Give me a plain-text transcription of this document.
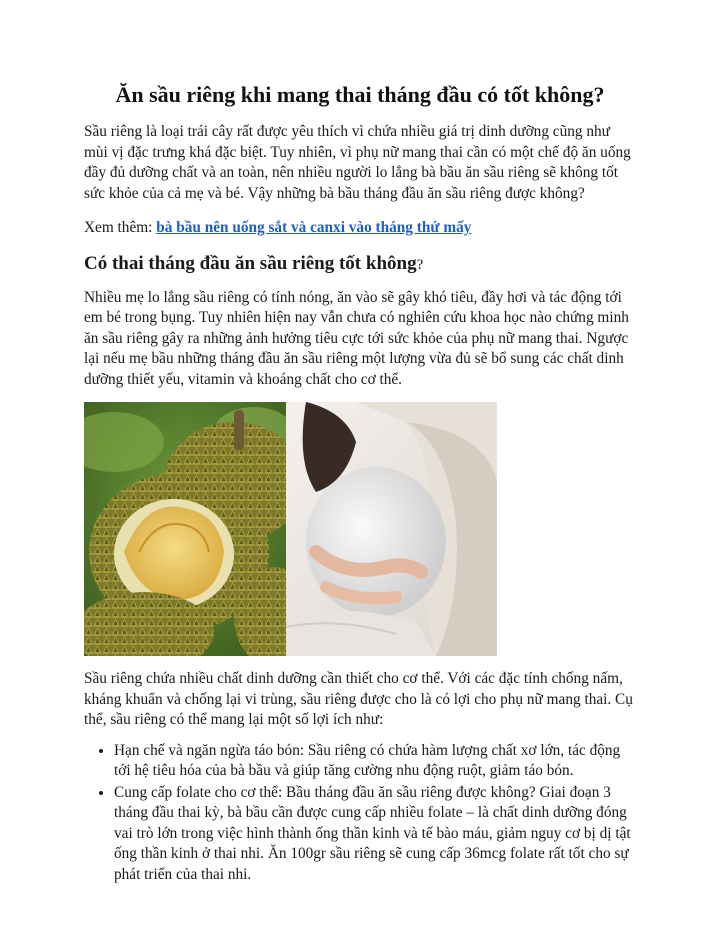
Ăn sầu riêng khi mang thai tháng đầu có tốt không?

Sầu riêng là loại trái cây rất được yêu thích vì chứa nhiều giá trị dinh dưỡng cũng như mùi vị đặc trưng khá đặc biệt. Tuy nhiên, vì phụ nữ mang thai cần có một chế độ ăn uống đầy đủ dưỡng chất và an toàn, nên nhiều người lo lắng bà bầu ăn sầu riêng sẽ không tốt sức khỏe của cả mẹ và bé. Vậy những bà bầu tháng đầu ăn sầu riêng được không?

Xem thêm: bà bầu nên uống sắt và canxi vào tháng thứ mấy

Có thai tháng đầu ăn sầu riêng tốt không?

Nhiều mẹ lo lắng sầu riêng có tính nóng, ăn vào sẽ gây khó tiêu, đầy hơi và tác động tới em bé trong bụng. Tuy nhiên hiện nay vẫn chưa có nghiên cứu khoa học nào chứng minh ăn sầu riêng gây ra những ảnh hưởng tiêu cực tới sức khỏe của phụ nữ mang thai. Ngược lại nếu mẹ bầu những tháng đầu ăn sầu riêng một lượng vừa đủ sẽ bổ sung các chất dinh dưỡng thiết yếu, vitamin và khoáng chất cho cơ thể.

Sầu riêng chứa nhiều chất dinh dưỡng cần thiết cho cơ thể. Với các đặc tính chống nấm, kháng khuẩn và chống lại vi trùng, sầu riêng được cho là có lợi cho phụ nữ mang thai. Cụ thể, sầu riêng có thể mang lại một số lợi ích như:

• Hạn chế và ngăn ngừa táo bón: Sầu riêng có chứa hàm lượng chất xơ lớn, tác động tới hệ tiêu hóa của bà bầu và giúp tăng cường nhu động ruột, giảm táo bón.
• Cung cấp folate cho cơ thể: Bầu tháng đầu ăn sầu riêng được không? Giai đoạn 3 tháng đầu thai kỳ, bà bầu cần được cung cấp nhiều folate – là chất dinh dưỡng đóng vai trò lớn trong việc hình thành ống thần kinh và tế bào máu, giảm nguy cơ bị dị tật ống thần kinh ở thai nhi. Ăn 100gr sầu riêng sẽ cung cấp 36mcg folate rất tốt cho sự phát triển của thai nhi.
